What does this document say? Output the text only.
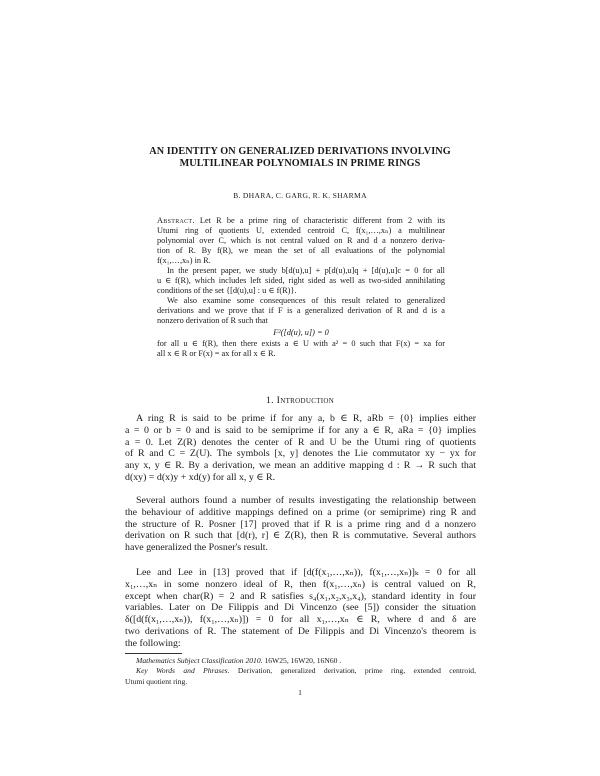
AN IDENTITY ON GENERALIZED DERIVATIONS INVOLVING
MULTILINEAR POLYNOMIALS IN PRIME RINGS
B. DHARA, C. GARG, R. K. SHARMA
Abstract. Let R be a prime ring of characteristic different from 2 with its
Utumi ring of quotients U, extended centroid C, f(x₁,…,xₙ) a multilinear
polynomial over C, which is not central valued on R and d a nonzero deriva-
tion of R. By f(R), we mean the set of all evaluations of the polynomial
f(x₁,…,xₙ) in R.
In the present paper, we study b[d(u),u] + p[d(u),u]q + [d(u),u]c = 0 for all
u ∈ f(R), which includes left sided, right sided as well as two-sided annihilating
conditions of the set {[d(u),u] : u ∈ f(R)}.
We also examine some consequences of this result related to generalized
derivations and we prove that if F is a generalized derivation of R and d is a
nonzero derivation of R such that
F²([d(u), u]) = 0
for all u ∈ f(R), then there exists a ∈ U with a² = 0 such that F(x) = xa for
all x ∈ R or F(x) = ax for all x ∈ R.
1. Introduction
A ring R is said to be prime if for any a, b ∈ R, aRb = {0} implies either
a = 0 or b = 0 and is said to be semiprime if for any a ∈ R, aRa = {0} implies
a = 0. Let Z(R) denotes the center of R and U be the Utumi ring of quotients
of R and C = Z(U). The symbols [x, y] denotes the Lie commutator xy − yx for
any x, y ∈ R. By a derivation, we mean an additive mapping d : R → R such that
d(xy) = d(x)y + xd(y) for all x, y ∈ R.
Several authors found a number of results investigating the relationship between
the behaviour of additive mappings defined on a prime (or semiprime) ring R and
the structure of R. Posner [17] proved that if R is a prime ring and d a nonzero
derivation on R such that [d(r), r] ∈ Z(R), then R is commutative. Several authors
have generalized the Posner's result.
Lee and Lee in [13] proved that if [d(f(x₁,…,xₙ)), f(x₁,…,xₙ)]ₖ = 0 for all
x₁,…,xₙ in some nonzero ideal of R, then f(x₁,…,xₙ) is central valued on R,
except when char(R) = 2 and R satisfies s₄(x₁,x₂,x₃,x₄), standard identity in four
variables. Later on De Filippis and Di Vincenzo (see [5]) consider the situation
δ([d(f(x₁,…,xₙ)), f(x₁,…,xₙ)]) = 0 for all x₁,…,xₙ ∈ R, where d and δ are
two derivations of R. The statement of De Filippis and Di Vincenzo's theorem is
the following:
Mathematics Subject Classification 2010. 16W25, 16W20, 16N60 .
Key Words and Phrases. Derivation, generalized derivation, prime ring, extended centroid,
Utumi quotient ring.
1
